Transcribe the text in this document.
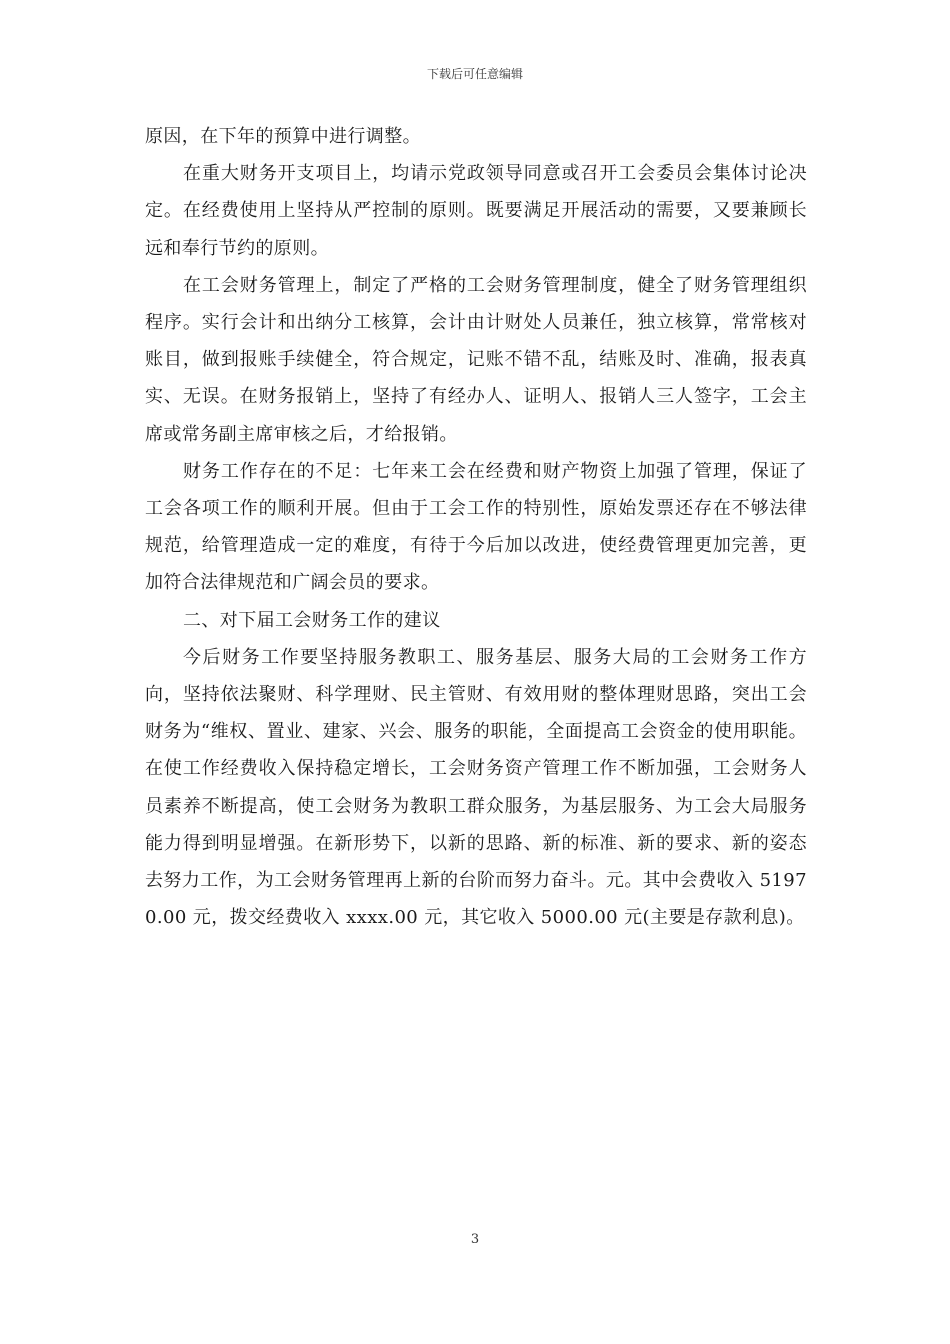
下载后可任意编辑

原因，在下年的预算中进行调整。

在重大财务开支项目上，均请示党政领导同意或召开工会委员会集体讨论决定。在经费使用上坚持从严控制的原则。既要满足开展活动的需要，又要兼顾长远和奉行节约的原则。

在工会财务管理上，制定了严格的工会财务管理制度，健全了财务管理组织程序。实行会计和出纳分工核算，会计由计财处人员兼任，独立核算，常常核对账目，做到报账手续健全，符合规定，记账不错不乱，结账及时、准确，报表真实、无误。在财务报销上，坚持了有经办人、证明人、报销人三人签字，工会主席或常务副主席审核之后，才给报销。

财务工作存在的不足：七年来工会在经费和财产物资上加强了管理，保证了工会各项工作的顺利开展。但由于工会工作的特别性，原始发票还存在不够法律规范，给管理造成一定的难度，有待于今后加以改进，使经费管理更加完善，更加符合法律规范和广阔会员的要求。

二、对下届工会财务工作的建议

今后财务工作要坚持服务教职工、服务基层、服务大局的工会财务工作方向，坚持依法聚财、科学理财、民主管财、有效用财的整体理财思路，突出工会财务为“维权、置业、建家、兴会、服务的职能，全面提高工会资金的使用职能。在使工作经费收入保持稳定增长，工会财务资产管理工作不断加强，工会财务人员素养不断提高，使工会财务为教职工群众服务，为基层服务、为工会大局服务能力得到明显增强。在新形势下，以新的思路、新的标准、新的要求、新的姿态去努力工作，为工会财务管理再上新的台阶而努力奋斗。元。其中会费收入 51970.00 元，拨交经费收入 xxxx.00 元，其它收入 5000.00 元(主要是存款利息)。

3
